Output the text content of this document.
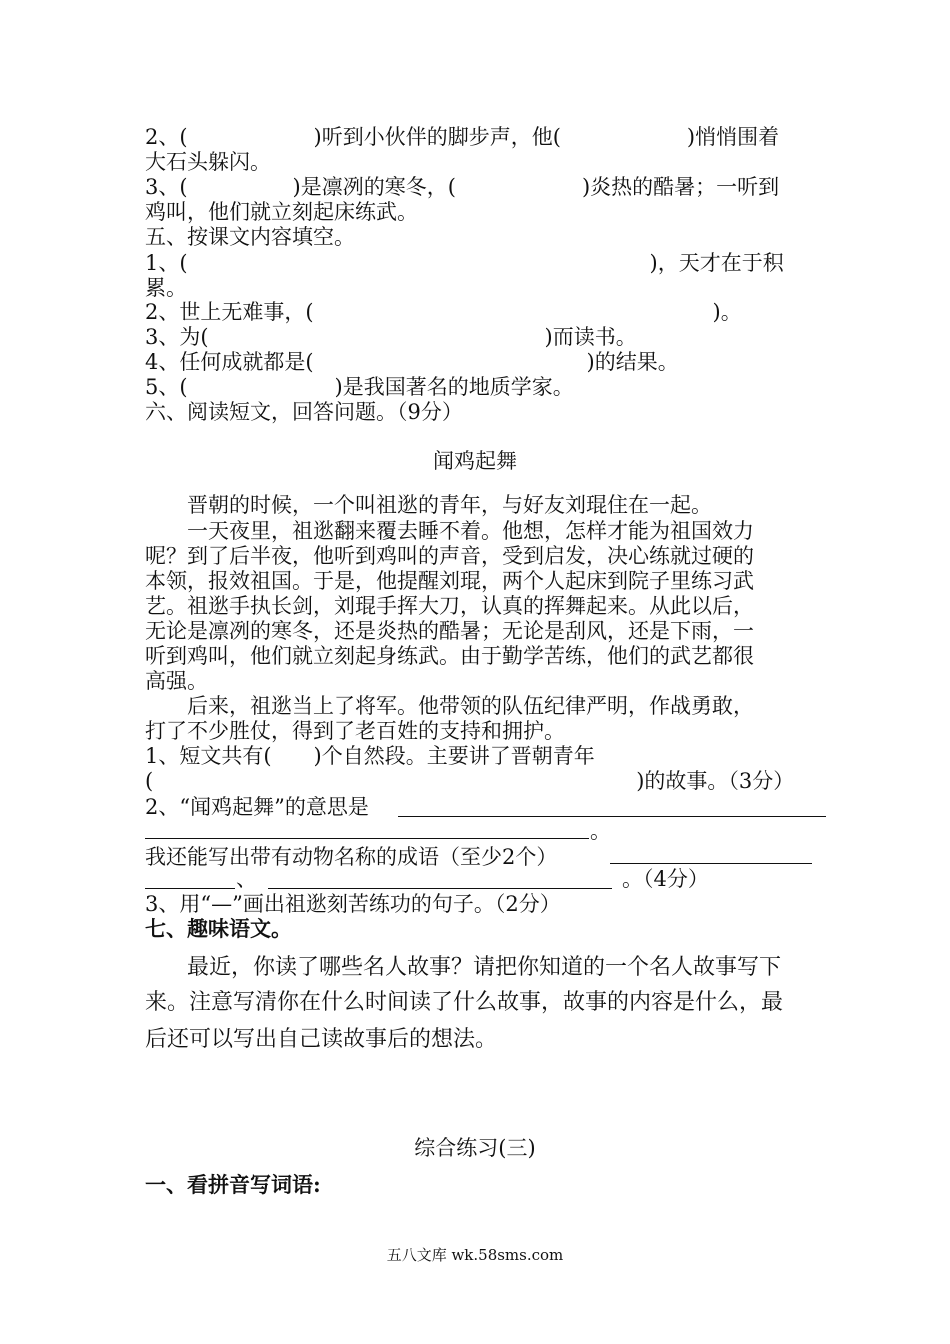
2、(　　　　　　)听到小伙伴的脚步声，他(　　　　　　)悄悄围着
大石头躲闪。
3、(　　　　　)是凛冽的寒冬，(　　　　　　)炎热的酷暑；一听到
鸡叫，他们就立刻起床练武。
五、按课文内容填空。
1、(　　　　　　　　　　　　　　　　　　　　　　)，天才在于积
累。
2、世上无难事，(　　　　　　　　　　　　　　　　　　　)。
3、为(　　　　　　　　　　　　　　　　)而读书。
4、任何成就都是(　　　　　　　　　　　　　)的结果。
5、(　　　　　　　)是我国著名的地质学家。
六、阅读短文，回答问题。（9分）
闻鸡起舞
晋朝的时候，一个叫祖逖的青年，与好友刘琨住在一起。
一天夜里，祖逖翻来覆去睡不着。他想，怎样才能为祖国效力
呢？到了后半夜，他听到鸡叫的声音，受到启发，决心练就过硬的
本领，报效祖国。于是，他提醒刘琨，两个人起床到院子里练习武
艺。祖逖手执长剑，刘琨手挥大刀，认真的挥舞起来。从此以后，
无论是凛冽的寒冬，还是炎热的酷暑；无论是刮风，还是下雨，一
听到鸡叫，他们就立刻起身练武。由于勤学苦练，他们的武艺都很
高强。
后来，祖逖当上了将军。他带领的队伍纪律严明，作战勇敢，
打了不少胜仗，得到了老百姓的支持和拥护。
1、短文共有(　　)个自然段。主要讲了晋朝青年
(　　　　　　　　　　　　　　　　　　　　　　　)的故事。（3分）
2、“闻鸡起舞”的意思是
。
我还能写出带有动物名称的成语（至少2个）
、	。（4分）
3、用“—”画出祖逖刻苦练功的句子。（2分）
七、趣味语文。
最近，你读了哪些名人故事？请把你知道的一个名人故事写下
来。注意写清你在什么时间读了什么故事，故事的内容是什么，最
后还可以写出自己读故事后的想法。
综合练习(三)
一、看拼音写词语:
五八文库 wk.58sms.com
